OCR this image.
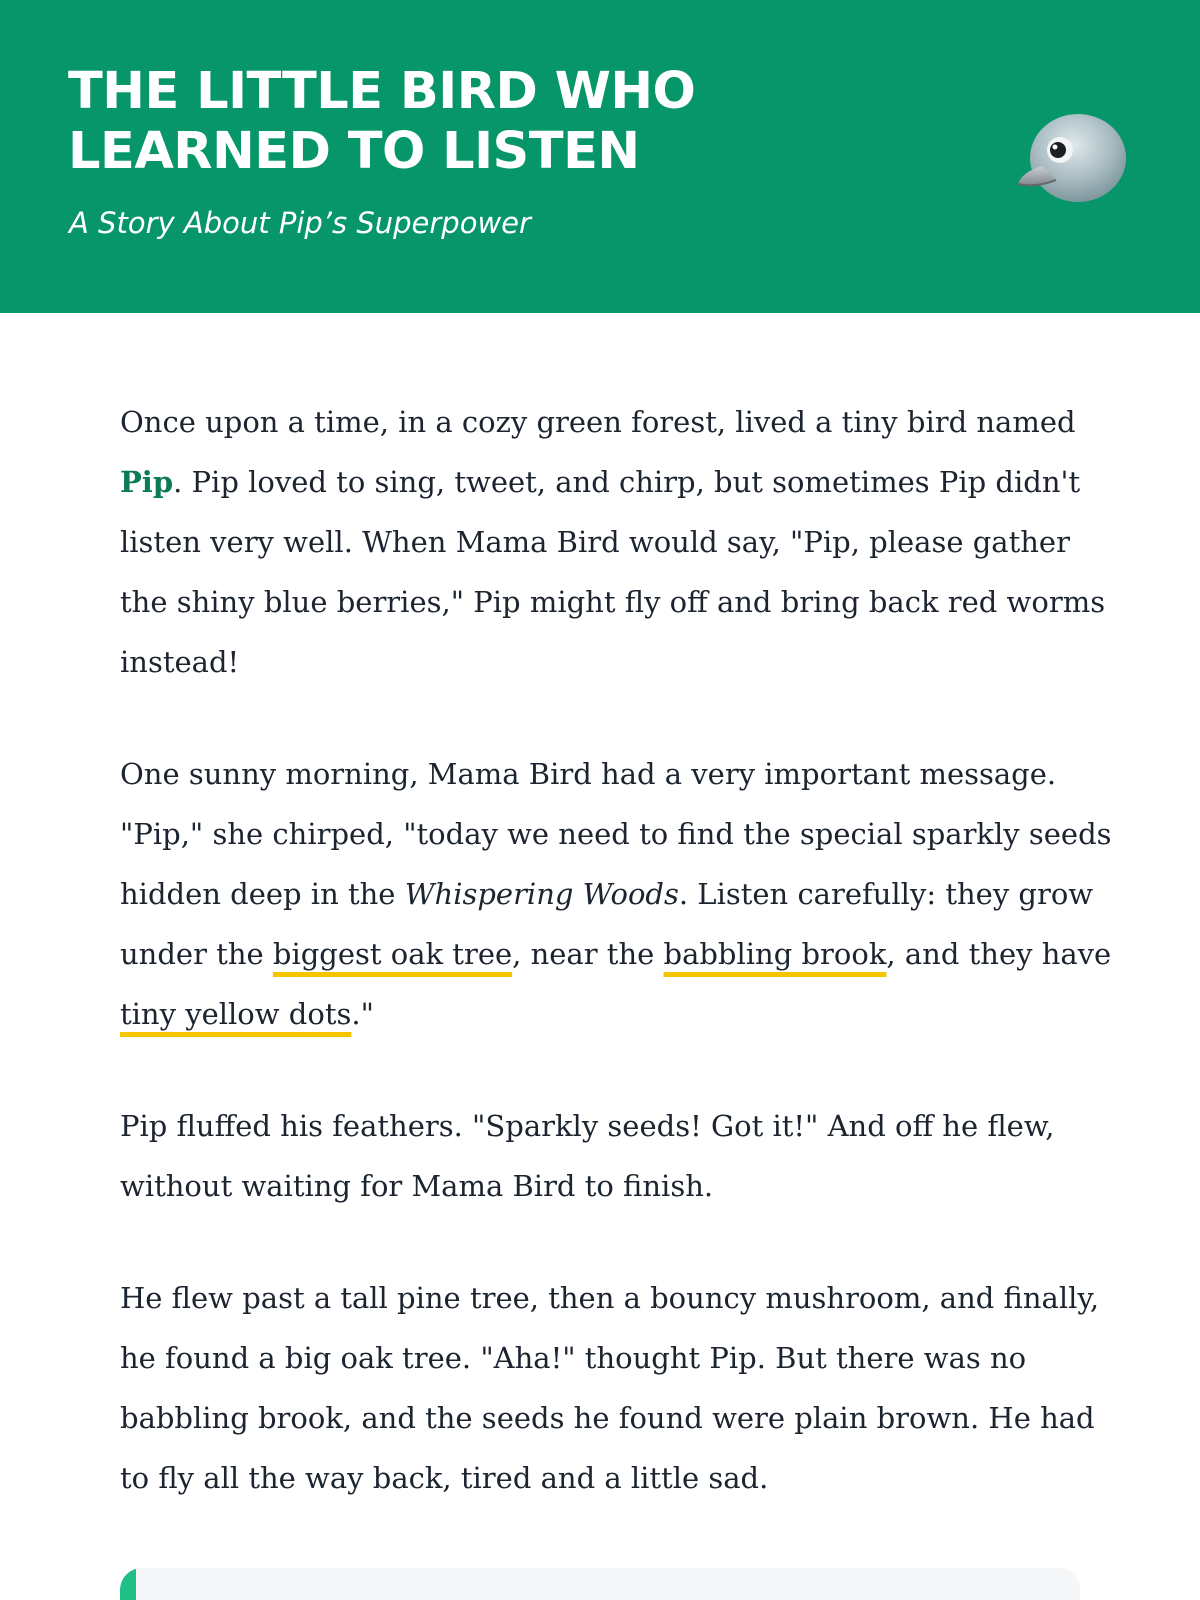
THE LITTLE BIRD WHO
LEARNED TO LISTEN
A Story About Pip’s Superpower

Once upon a time, in a cozy green forest, lived a tiny bird named
Pip. Pip loved to sing, tweet, and chirp, but sometimes Pip didn't
listen very well. When Mama Bird would say, "Pip, please gather
the shiny blue berries," Pip might fly off and bring back red worms
instead!

One sunny morning, Mama Bird had a very important message.
"Pip," she chirped, "today we need to find the special sparkly seeds
hidden deep in the Whispering Woods. Listen carefully: they grow
under the biggest oak tree, near the babbling brook, and they have
tiny yellow dots."

Pip fluffed his feathers. "Sparkly seeds! Got it!" And off he flew,
without waiting for Mama Bird to finish.

He flew past a tall pine tree, then a bouncy mushroom, and finally,
he found a big oak tree. "Aha!" thought Pip. But there was no
babbling brook, and the seeds he found were plain brown. He had
to fly all the way back, tired and a little sad.
